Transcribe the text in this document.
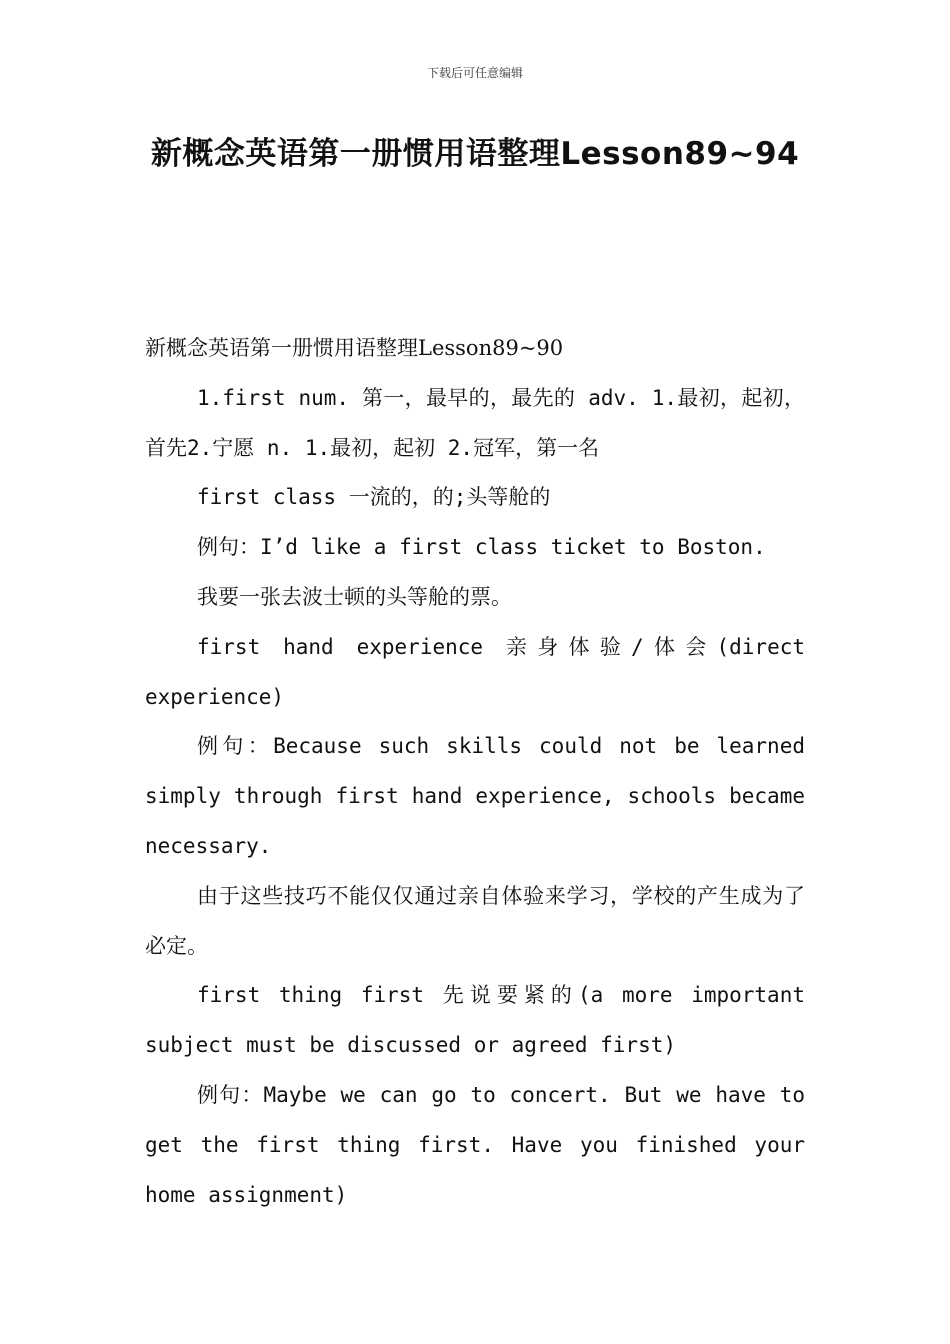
下载后可任意编辑
新概念英语第一册惯用语整理Lesson89~94

新概念英语第一册惯用语整理Lesson89~90

1.first num. 第一，最早的，最先的 adv. 1.最初，起初，首先2.宁愿 n. 1.最初，起初 2.冠军，第一名

first class 一流的，的;头等舱的

例句：I’d like a first class ticket to Boston.

我要一张去波士顿的头等舱的票。

first hand experience 亲身体验/体会(direct experience)

例句：Because such skills could not be learned simply through first hand experience, schools became necessary.

由于这些技巧不能仅仅通过亲自体验来学习，学校的产生成为了必定。

first thing first 先说要紧的(a more important subject must be discussed or agreed first)

例句：Maybe we can go to concert. But we have to get the first thing first. Have you finished your home assignment)
